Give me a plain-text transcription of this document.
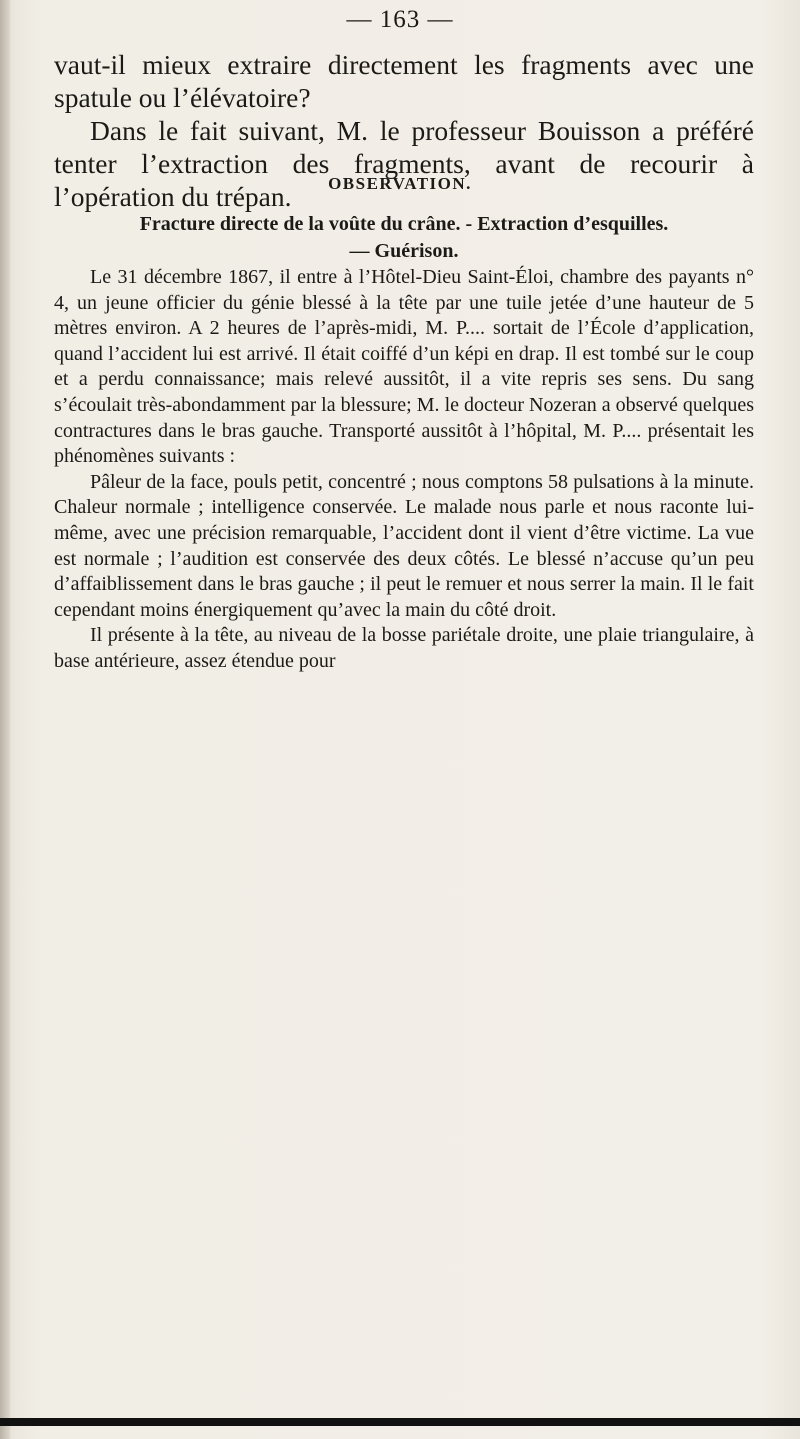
— 163 —

vaut-il mieux extraire directement les fragments avec une spatule ou l’élévatoire?

Dans le fait suivant, M. le professeur Bouisson a préféré tenter l’extraction des fragments, avant de recourir à l’opération du trépan.	OBSERVATION.
Fracture directe de la voûte du crâne. - Extraction d’esquilles.
— Guérison.

Le 31 décembre 1867, il entre à l’Hôtel-Dieu Saint-Éloi, chambre des payants n° 4, un jeune officier du génie blessé à la tête par une tuile jetée d’une hauteur de 5 mètres environ. A 2 heures de l’après-midi, M. P.... sortait de l’École d’application, quand l’accident lui est arrivé. Il était coiffé d’un képi en drap. Il est tombé sur le coup et a perdu connaissance; mais relevé aussitôt, il a vite repris ses sens. Du sang s’écoulait très-abondamment par la blessure; M. le docteur Nozeran a observé quelques contractures dans le bras gauche. Transporté aussitôt à l’hôpital, M. P.... présentait les phénomènes suivants :

Pâleur de la face, pouls petit, concentré ; nous comptons 58 pulsations à la minute. Chaleur normale ; intelligence conservée. Le malade nous parle et nous raconte lui-même, avec une précision remarquable, l’accident dont il vient d’être victime. La vue est normale ; l’audition est conservée des deux côtés. Le blessé n’accuse qu’un peu d’affaiblissement dans le bras gauche ; il peut le remuer et nous serrer la main. Il le fait cependant moins énergiquement qu’avec la main du côté droit.

Il présente à la tête, au niveau de la bosse pariétale droite, une plaie triangulaire, à base antérieure, assez étendue pour
